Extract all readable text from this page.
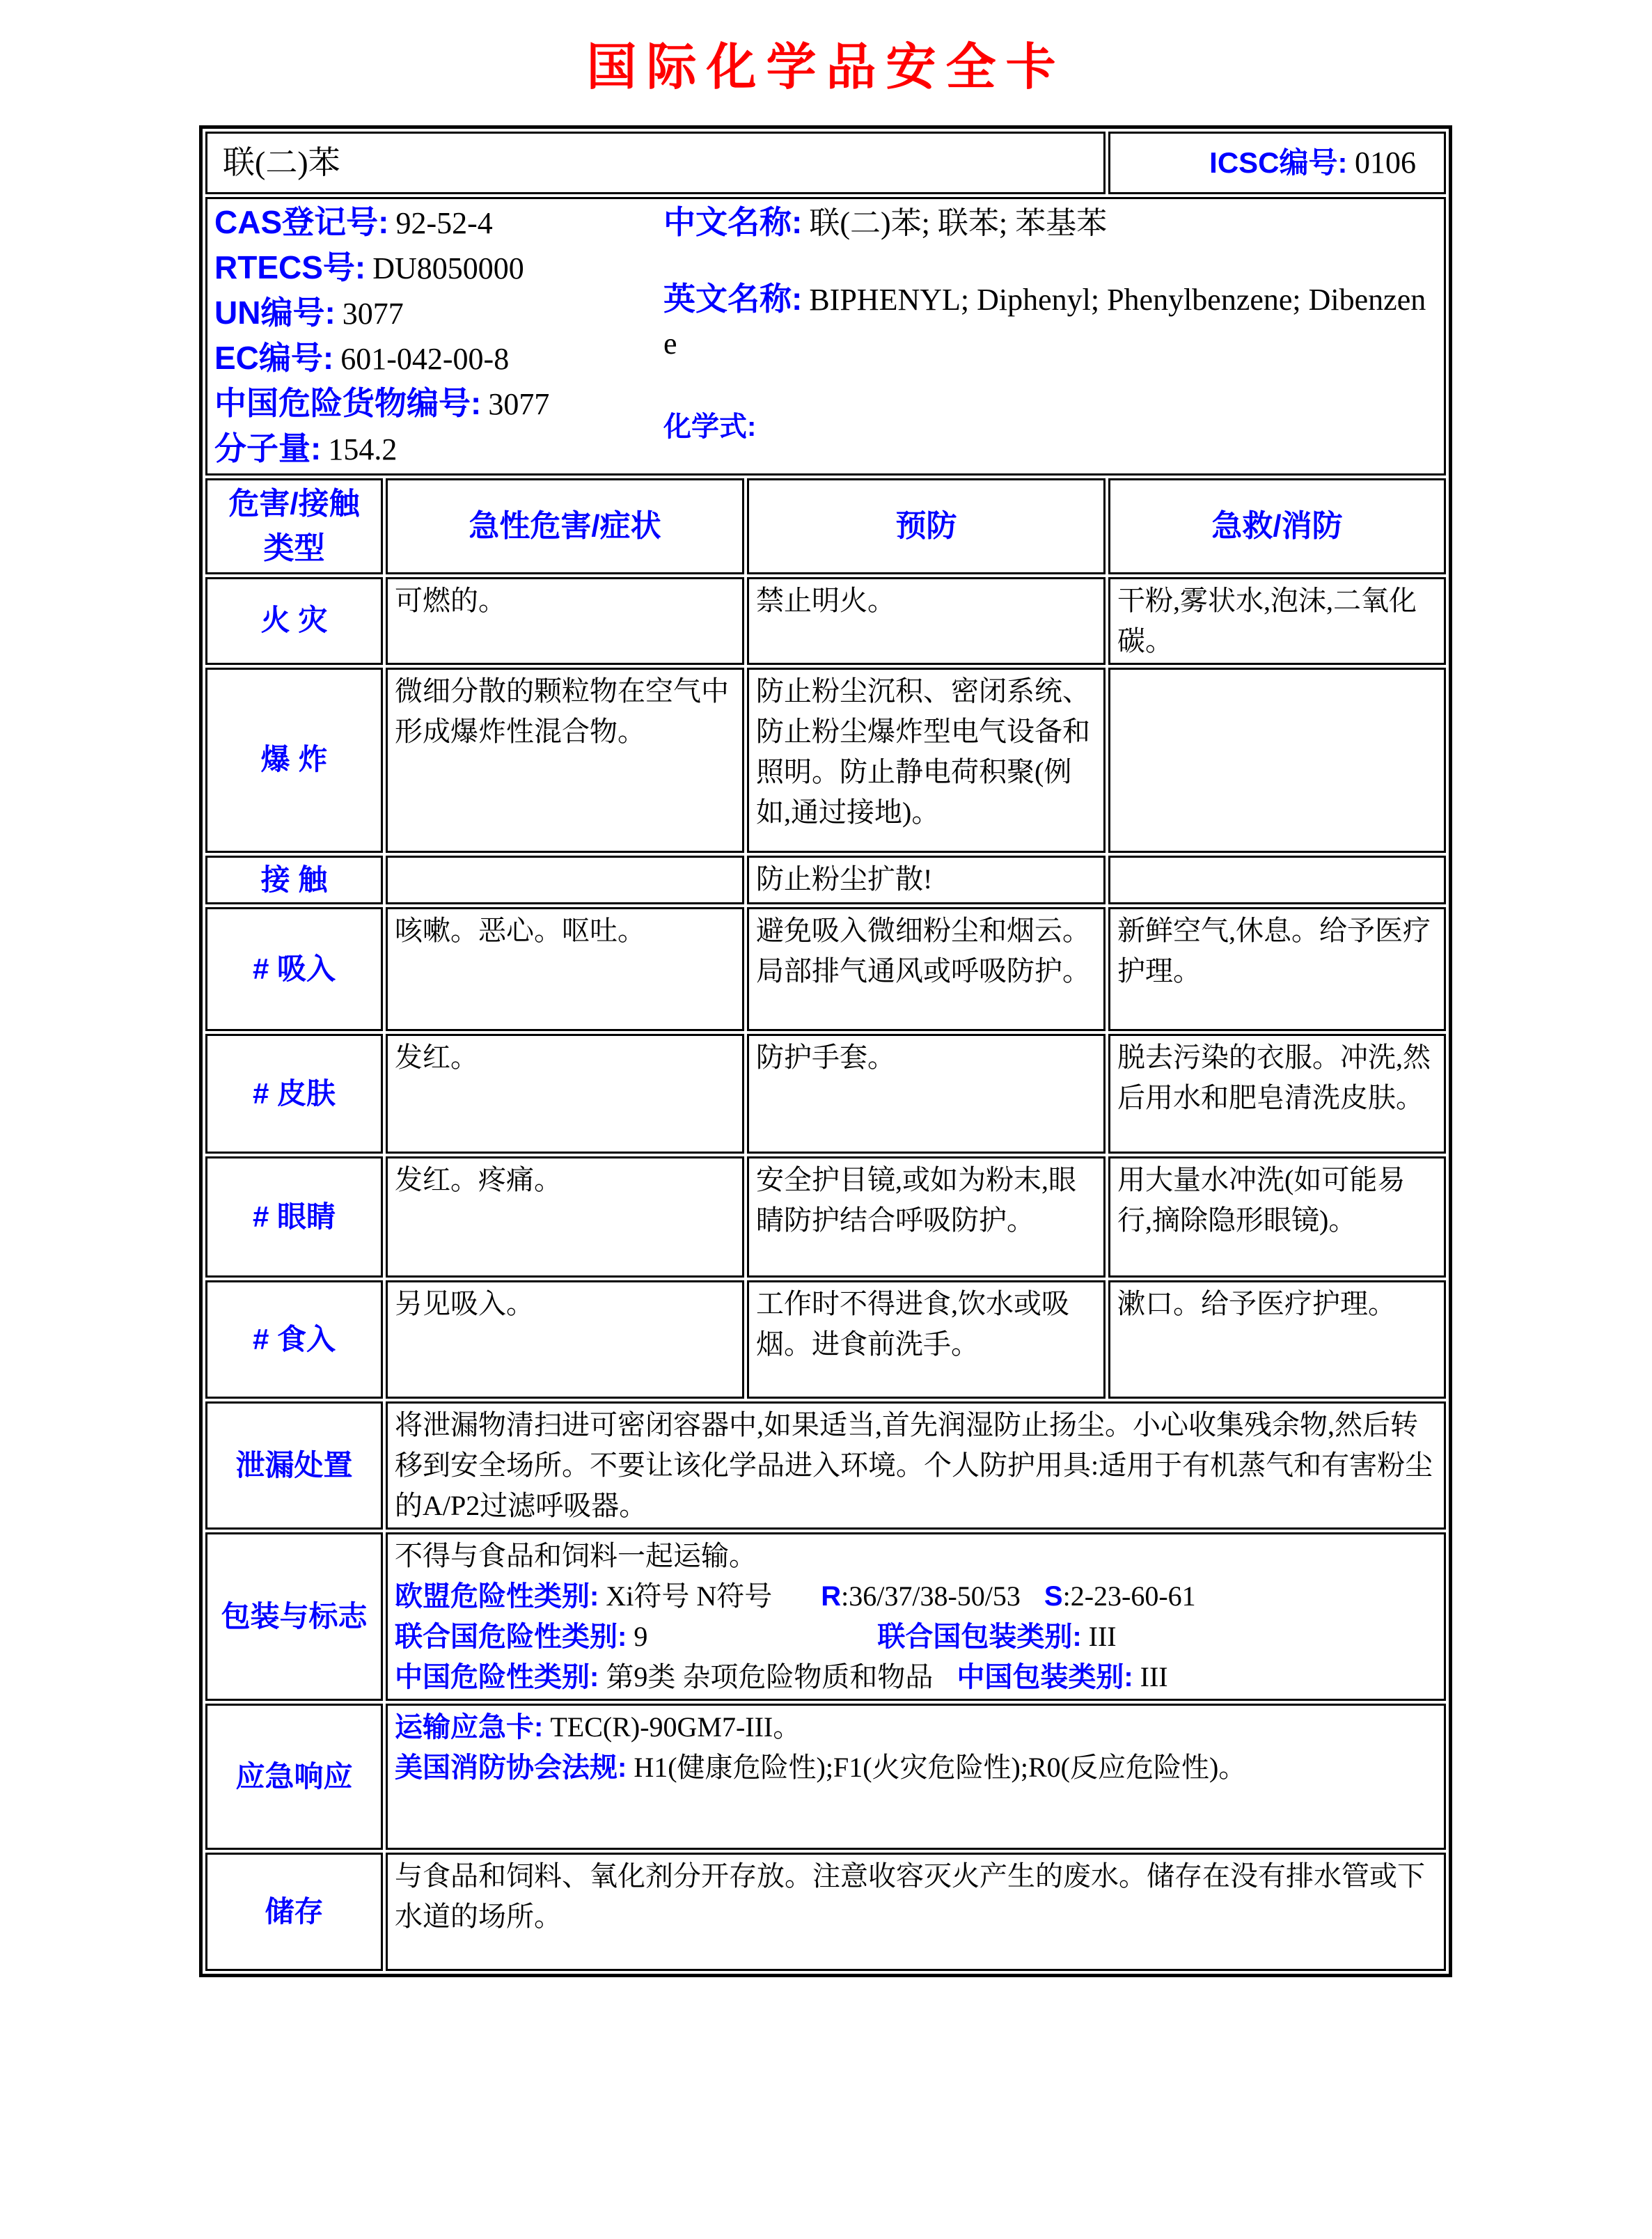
国际化学品安全卡
联(二)苯			ICSC编号: 0106

CAS登记号: 92-52-4
RTECS号: DU8050000
UN编号: 3077
EC编号: 601-042-00-8
中国危险货物编号: 3077
分子量: 154.2
中文名称: 联(二)苯; 联苯; 苯基苯
英文名称: BIPHENYL; Diphenyl; Phenylbenzene; Dibenzene
化学式:

危害/接触
类型	急性危害/症状	预防	急救/消防
火 灾	可燃的。	禁止明火。	干粉,雾状水,泡沫,二氧化碳。
爆 炸	微细分散的颗粒物在空气中形成爆炸性混合物。	防止粉尘沉积、密闭系统、防止粉尘爆炸型电气设备和照明。防止静电荷积聚(例如,通过接地)。	
接 触		防止粉尘扩散!	
# 吸入	咳嗽。恶心。呕吐。	避免吸入微细粉尘和烟云。局部排气通风或呼吸防护。	新鲜空气,休息。给予医疗护理。
# 皮肤	发红。	防护手套。	脱去污染的衣服。冲洗,然后用水和肥皂清洗皮肤。
# 眼睛	发红。疼痛。	安全护目镜,或如为粉末,眼睛防护结合呼吸防护。	用大量水冲洗(如可能易行,摘除隐形眼镜)。
# 食入	另见吸入。	工作时不得进食,饮水或吸烟。进食前洗手。	漱口。给予医疗护理。
泄漏处置	将泄漏物清扫进可密闭容器中,如果适当,首先润湿防止扬尘。小心收集残余物,然后转移到安全场所。不要让该化学品进入环境。个人防护用具:适用于有机蒸气和有害粉尘的A/P2过滤呼吸器。		
包装与标志	不得与食品和饲料一起运输。
欧盟危险性类别: Xi符号 N符号 R:36/37/38-50/53 S:2-23-60-61
联合国危险性类别: 9 联合国包装类别: III
中国危险性类别: 第9类 杂项危险物质和物品 中国包装类别: III		

应急响应	运输应急卡: TEC(R)-90GM7-III。
美国消防协会法规: H1(健康危险性);F1(火灾危险性);R0(反应危险性)。		

储存	与食品和饲料、氧化剂分开存放。注意收容灭火产生的废水。储存在没有排水管或下水道的场所。		
